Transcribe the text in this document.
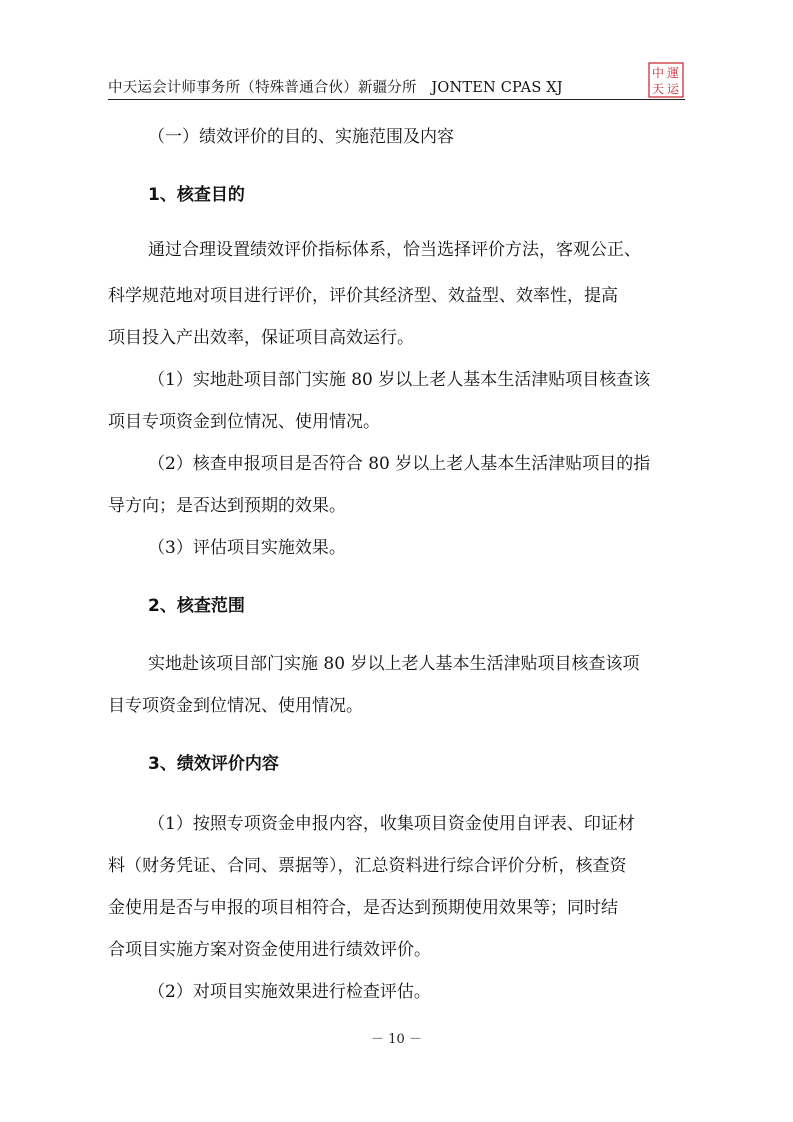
中天运会计师事务所（特殊普通合伙）新疆分所　JONTEN CPAS XJ
中
天
運
运
（一）绩效评价的目的、实施范围及内容
1、核查目的
通过合理设置绩效评价指标体系，恰当选择评价方法，客观公正、
科学规范地对项目进行评价，评价其经济型、效益型、效率性，提高
项目投入产出效率，保证项目高效运行。
（1）实地赴项目部门实施 80 岁以上老人基本生活津贴项目核查该
项目专项资金到位情况、使用情况。
（2）核查申报项目是否符合 80 岁以上老人基本生活津贴项目的指
导方向；是否达到预期的效果。
（3）评估项目实施效果。
2、核查范围
实地赴该项目部门实施 80 岁以上老人基本生活津贴项目核查该项
目专项资金到位情况、使用情况。
3、绩效评价内容
（1）按照专项资金申报内容，收集项目资金使用自评表、印证材
料（财务凭证、合同、票据等），汇总资料进行综合评价分析，核查资
金使用是否与申报的项目相符合，是否达到预期使用效果等；同时结
合项目实施方案对资金使用进行绩效评价。
（2）对项目实施效果进行检查评估。
－ 10 －
